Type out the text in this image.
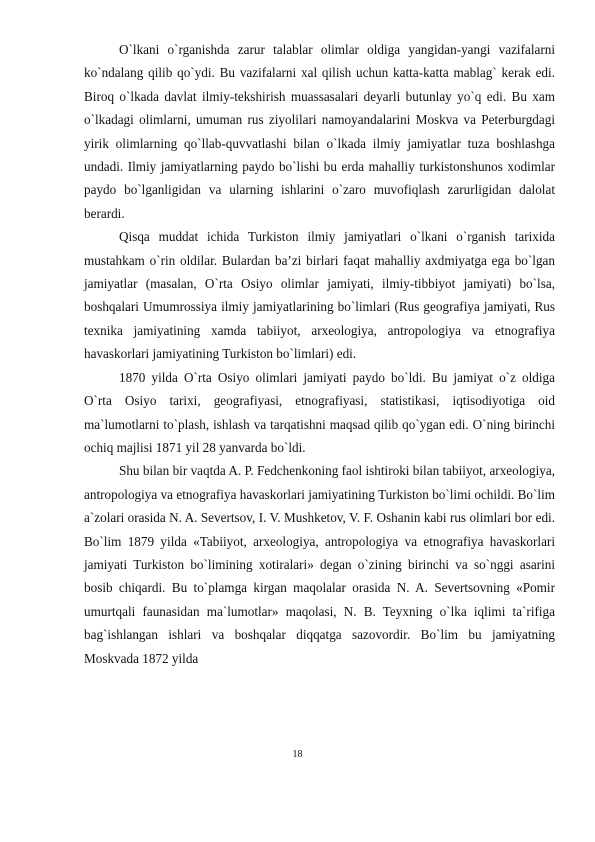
O`lkani o`rganishda zarur talablar olimlar oldiga yangidan-yangi vazifalarni ko`ndalang qilib qo`ydi. Bu vazifalarni xal qilish uchun katta-katta mablag` kerak edi. Biroq o`lkada davlat ilmiy-tekshirish muassasalari deyarli butunlay yo`q edi. Bu xam o`lkadagi olimlarni, umuman rus ziyolilari namoyandalarini Moskva va Peterburgdagi yirik olimlarning qo`llab-quvvatlashi bilan o`lkada ilmiy jamiyatlar tuza boshlashga undadi. Ilmiy jamiyatlarning paydo bo`lishi bu erda mahalliy turkistonshunos xodimlar paydo bo`lganligidan va ularning ishlarini o`zaro muvofiqlash zarurligidan dalolat berardi.

Qisqa muddat ichida Turkiston ilmiy jamiyatlari o`lkani o`rganish tarixida mustahkam o`rin oldilar. Bulardan ba’zi birlari faqat mahalliy axdmiyatga ega bo`lgan jamiyatlar (masalan, O`rta Osiyo olimlar jamiyati, ilmiy-tibbiyot jamiyati) bo`lsa, boshqalari Umumrossiya ilmiy jamiyatlarining bo`limlari (Rus geografiya jamiyati, Rus texnika jamiyatining xamda tabiiyot, arxeologiya, antropologiya va etnografiya havaskorlari jamiyatining Turkiston bo`limlari) edi.

1870 yilda O`rta Osiyo olimlari jamiyati paydo bo`ldi. Bu jamiyat o`z oldiga O`rta Osiyo tarixi, geografiyasi, etnografiyasi, statistikasi, iqtisodiyotiga oid ma`lumotlarni to`plash, ishlash va tarqatishni maqsad qilib qo`ygan edi. O`ning birinchi ochiq majlisi 1871 yil 28 yanvarda bo`ldi.

Shu bilan bir vaqtda A. P. Fedchenkoning faol ishtiroki bilan tabiiyot, arxeologiya, antropologiya va etnografiya havaskorlari jamiyatining Turkiston bo`limi ochildi. Bo`lim a`zolari orasida N. A. Severtsov, I. V. Mushketov, V. F. Oshanin kabi rus olimlari bor edi. Bo`lim 1879 yilda «Tabiiyot, arxeologiya, antropologiya va etnografiya havaskorlari jamiyati Turkiston bo`limining xotiralari» degan o`zining birinchi va so`nggi asarini bosib chiqardi. Bu to`plamga kirgan maqolalar orasida N. A. Severtsovning «Pomir umurtqali faunasidan ma`lumotlar» maqolasi, N. B. Teyxning o`lka iqlimi ta`rifiga bag`ishlangan ishlari va boshqalar diqqatga sazovordir. Bo`lim bu jamiyatning Moskvada 1872 yilda

18
